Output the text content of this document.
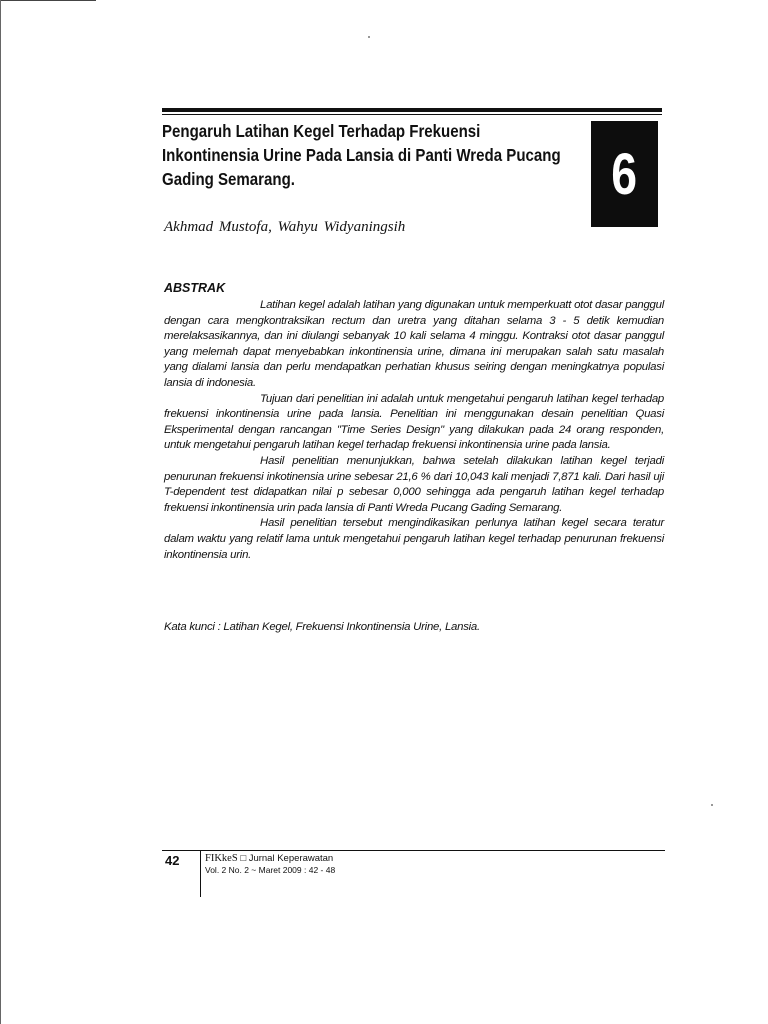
Pengaruh Latihan Kegel Terhadap Frekuensi Inkontinensia Urine Pada Lansia di Panti Wreda Pucang Gading Semarang.	6
Akhmad Mustofa, Wahyu Widyaningsih
ABSTRAK

Latihan kegel adalah latihan yang digunakan untuk memperkuatt otot dasar panggul dengan cara mengkontraksikan rectum dan uretra yang ditahan selama 3 - 5 detik kemudian merelaksasikannya, dan ini diulangi sebanyak 10 kali selama 4 minggu. Kontraksi otot dasar panggul yang melemah dapat menyebabkan inkontinensia urine, dimana ini merupakan salah satu masalah yang dialami lansia dan perlu mendapatkan perhatian khusus seiring dengan meningkatnya populasi lansia di indonesia.

Tujuan dari penelitian ini adalah untuk mengetahui pengaruh latihan kegel terhadap frekuensi inkontinensia urine pada lansia. Penelitian ini menggunakan desain penelitian Quasi Eksperimental dengan rancangan "Time Series Design" yang dilakukan pada 24 orang responden, untuk mengetahui pengaruh latihan kegel terhadap frekuensi inkontinensia urine pada lansia.

Hasil penelitian menunjukkan, bahwa setelah dilakukan latihan kegel terjadi penurunan frekuensi inkotinensia urine sebesar 21,6 % dari 10,043 kali menjadi 7,871 kali. Dari hasil uji T-dependent test didapatkan nilai p sebesar 0,000 sehingga ada pengaruh latihan kegel terhadap frekuensi inkontinensia urin pada lansia di Panti Wreda Pucang Gading Semarang.

Hasil penelitian tersebut mengindikasikan perlunya latihan kegel secara teratur dalam waktu yang relatif lama untuk mengetahui pengaruh latihan kegel terhadap penurunan frekuensi inkontinensia urin.

Kata kunci : Latihan Kegel, Frekuensi Inkontinensia Urine, Lansia.
42 FIKkeS □ Jurnal Keperawatan
Vol. 2 No. 2 ~ Maret 2009 : 42 - 48
